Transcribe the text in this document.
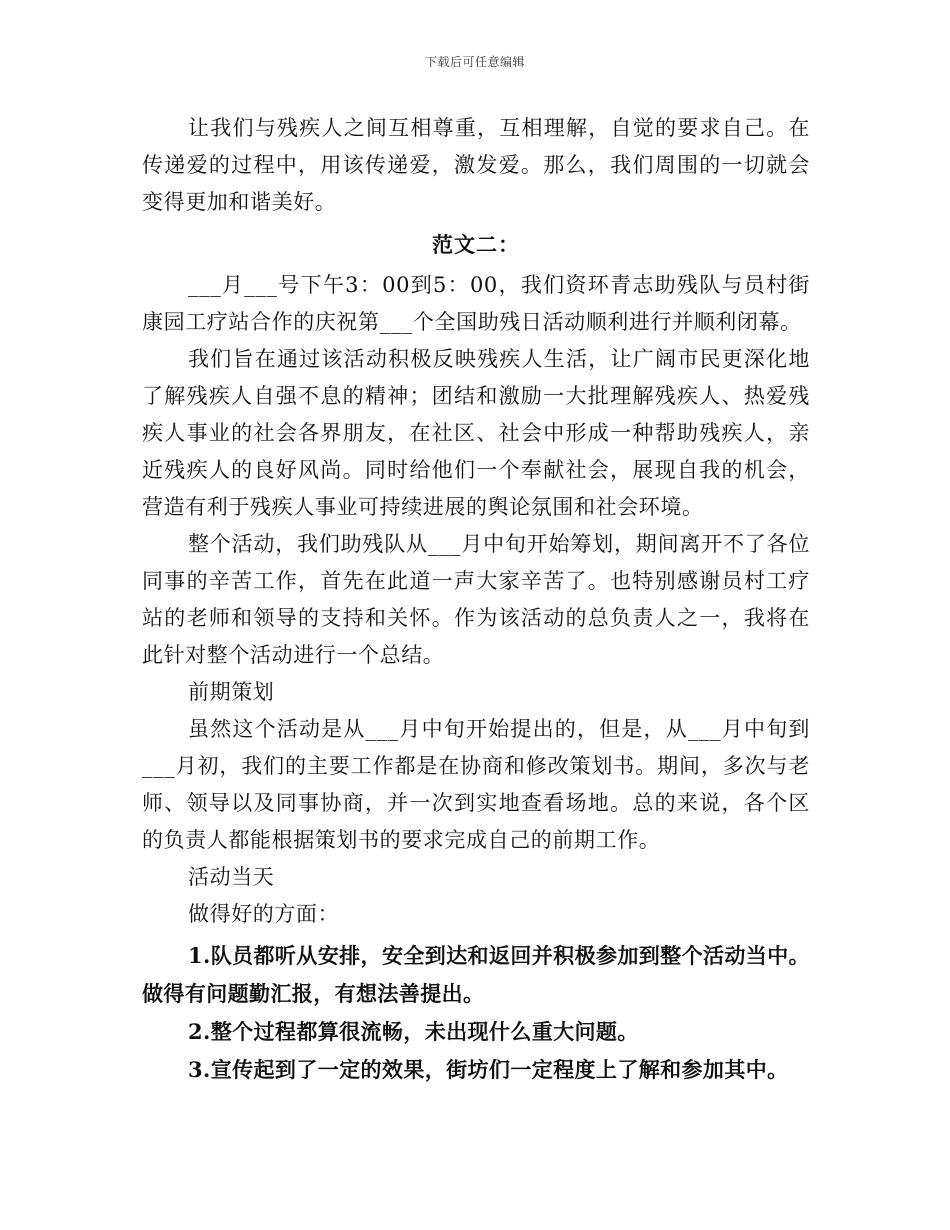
下载后可任意编辑

让我们与残疾人之间互相尊重，互相理解，自觉的要求自己。在传递爱的过程中，用该传递爱，激发爱。那么，我们周围的一切就会变得更加和谐美好。

范文二：

___月___号下午3：00到5：00，我们资环青志助残队与员村街康园工疗站合作的庆祝第___个全国助残日活动顺利进行并顺利闭幕。

我们旨在通过该活动积极反映残疾人生活，让广阔市民更深化地了解残疾人自强不息的精神；团结和激励一大批理解残疾人、热爱残疾人事业的社会各界朋友，在社区、社会中形成一种帮助残疾人，亲近残疾人的良好风尚。同时给他们一个奉献社会，展现自我的机会，营造有利于残疾人事业可持续进展的舆论氛围和社会环境。

整个活动，我们助残队从___月中旬开始筹划，期间离开不了各位同事的辛苦工作，首先在此道一声大家辛苦了。也特别感谢员村工疗站的老师和领导的支持和关怀。作为该活动的总负责人之一，我将在此针对整个活动进行一个总结。

前期策划

虽然这个活动是从___月中旬开始提出的，但是，从___月中旬到___月初，我们的主要工作都是在协商和修改策划书。期间，多次与老师、领导以及同事协商，并一次到实地查看场地。总的来说，各个区的负责人都能根据策划书的要求完成自己的前期工作。

活动当天

做得好的方面：

1.队员都听从安排，安全到达和返回并积极参加到整个活动当中。做得有问题勤汇报，有想法善提出。

2.整个过程都算很流畅，未出现什么重大问题。

3.宣传起到了一定的效果，街坊们一定程度上了解和参加其中。
